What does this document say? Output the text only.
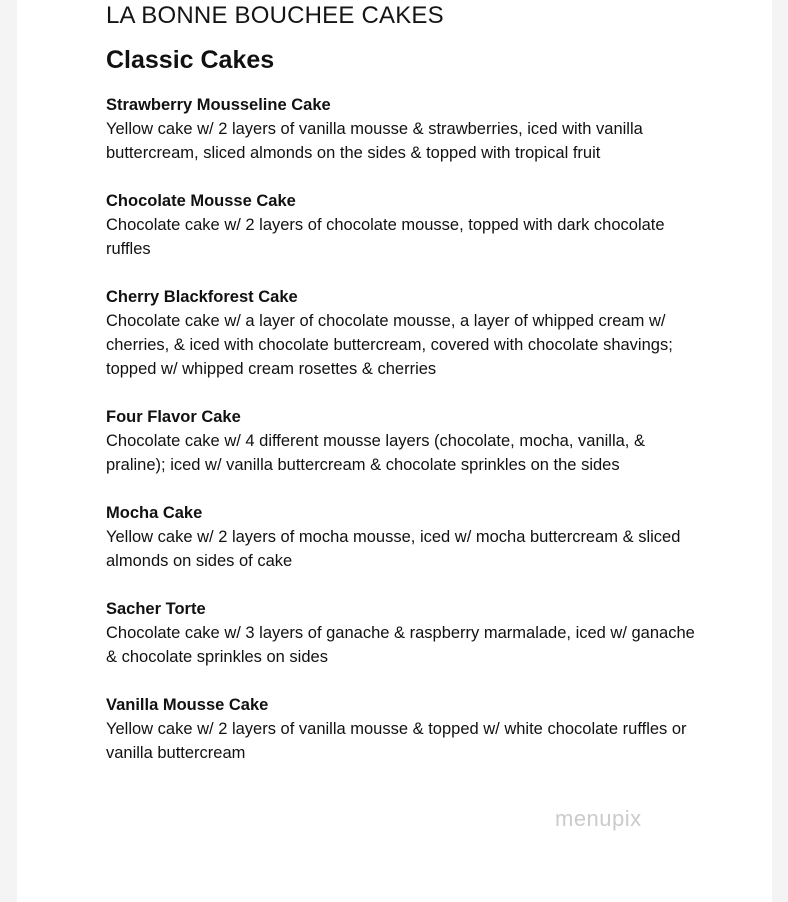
LA BONNE BOUCHEE CAKES
Classic Cakes
Strawberry Mousseline Cake
Yellow cake w/ 2 layers of vanilla mousse & strawberries, iced with vanilla buttercream, sliced almonds on the sides & topped with tropical fruit
Chocolate Mousse Cake
Chocolate cake w/ 2 layers of chocolate mousse, topped with dark chocolate ruffles
Cherry Blackforest Cake
Chocolate cake w/ a layer of chocolate mousse, a layer of whipped cream w/ cherries, & iced with chocolate buttercream, covered with chocolate shavings; topped w/ whipped cream rosettes & cherries
Four Flavor Cake
Chocolate cake w/ 4 different mousse layers (chocolate, mocha, vanilla, & praline); iced w/ vanilla buttercream & chocolate sprinkles on the sides
Mocha Cake
Yellow cake w/ 2 layers of mocha mousse, iced w/ mocha buttercream & sliced almonds on sides of cake
Sacher Torte
Chocolate cake w/ 3 layers of ganache & raspberry marmalade, iced w/ ganache & chocolate sprinkles on sides
Vanilla Mousse Cake
Yellow cake w/ 2 layers of vanilla mousse & topped w/ white chocolate ruffles or vanilla buttercream
menupix
